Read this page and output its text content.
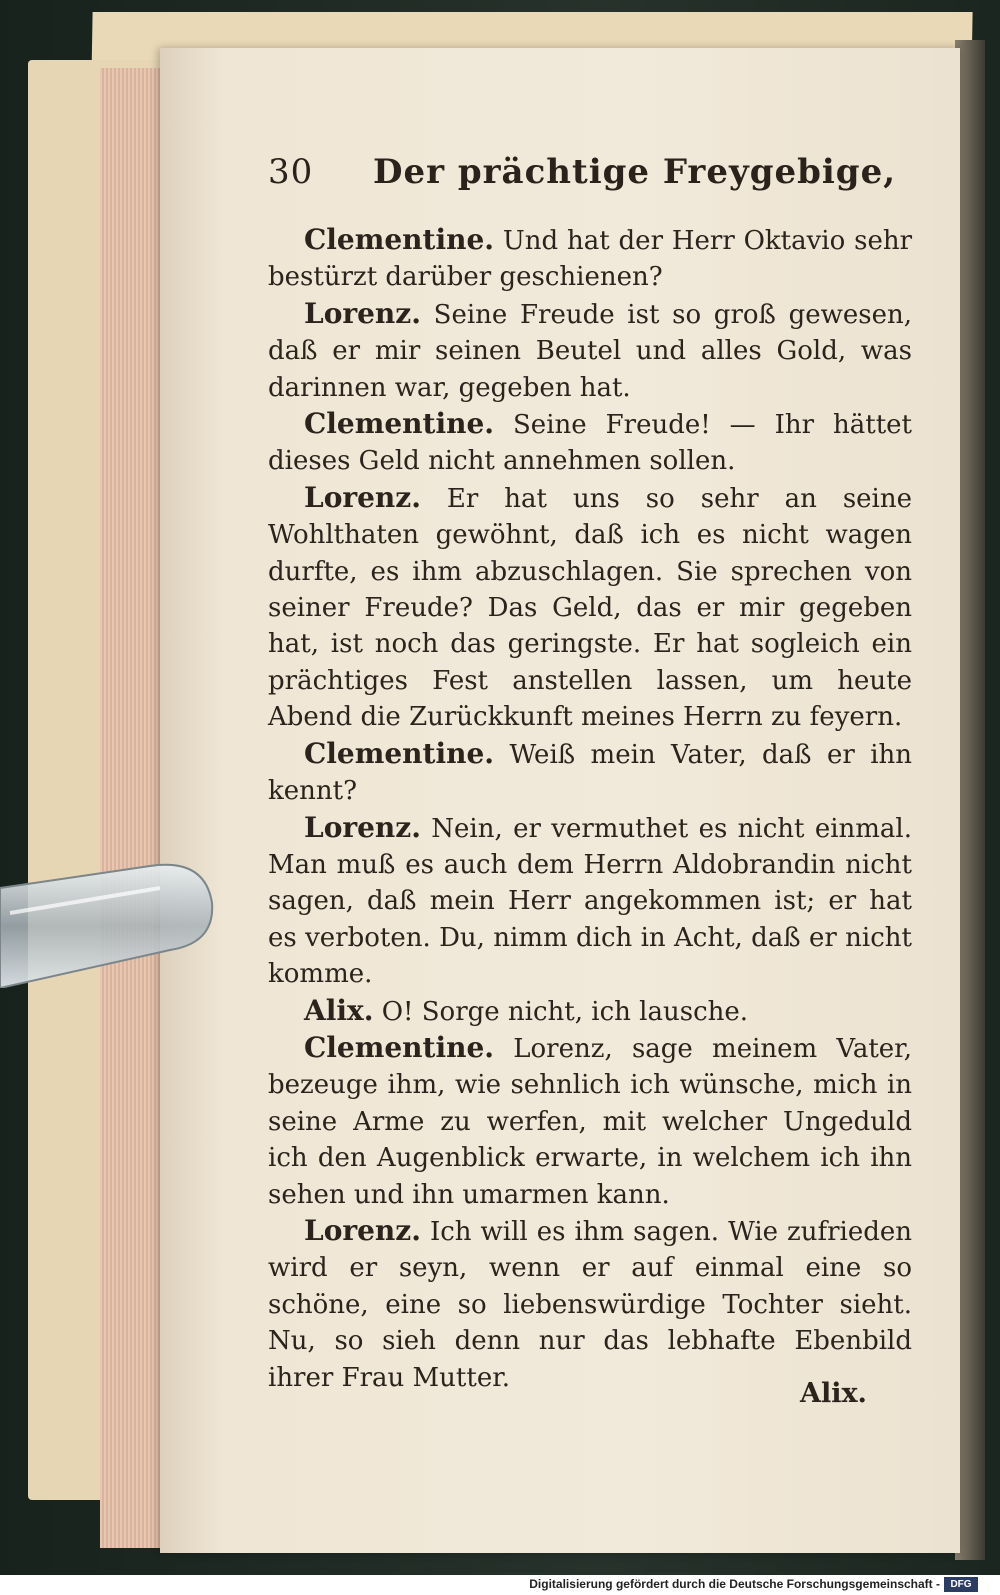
30 Der prächtige Freygebige,

Clementine. Und hat der Herr Oktavio sehr bestürzt darüber geschienen?

Lorenz. Seine Freude ist so groß gewesen, daß er mir seinen Beutel und alles Gold, was darinnen war, gegeben hat.

Clementine. Seine Freude! — Ihr hättet dieses Geld nicht annehmen sollen.

Lorenz. Er hat uns so sehr an seine Wohlthaten gewöhnt, daß ich es nicht wagen durfte, es ihm abzuschlagen. Sie sprechen von seiner Freude? Das Geld, das er mir gegeben hat, ist noch das geringste. Er hat sogleich ein prächtiges Fest anstellen lassen, um heute Abend die Zurückkunft meines Herrn zu feyern.

Clementine. Weiß mein Vater, daß er ihn kennt?

Lorenz. Nein, er vermuthet es nicht einmal. Man muß es auch dem Herrn Aldobrandin nicht sagen, daß mein Herr angekommen ist; er hat es verboten. Du, nimm dich in Acht, daß er nicht komme.

Alix. O! Sorge nicht, ich lausche.

Clementine. Lorenz, sage meinem Vater, bezeuge ihm, wie sehnlich ich wünsche, mich in seine Arme zu werfen, mit welcher Ungeduld ich den Augenblick erwarte, in welchem ich ihn sehen und ihn umarmen kann.

Lorenz. Ich will es ihm sagen. Wie zufrieden wird er seyn, wenn er auf einmal eine so schöne, eine so liebenswürdige Tochter sieht. Nu, so sieh denn nur das lebhafte Ebenbild ihrer Frau Mutter.

Alix.
Digitalisierung gefördert durch die Deutsche Forschungsgemeinschaft -	DFG
